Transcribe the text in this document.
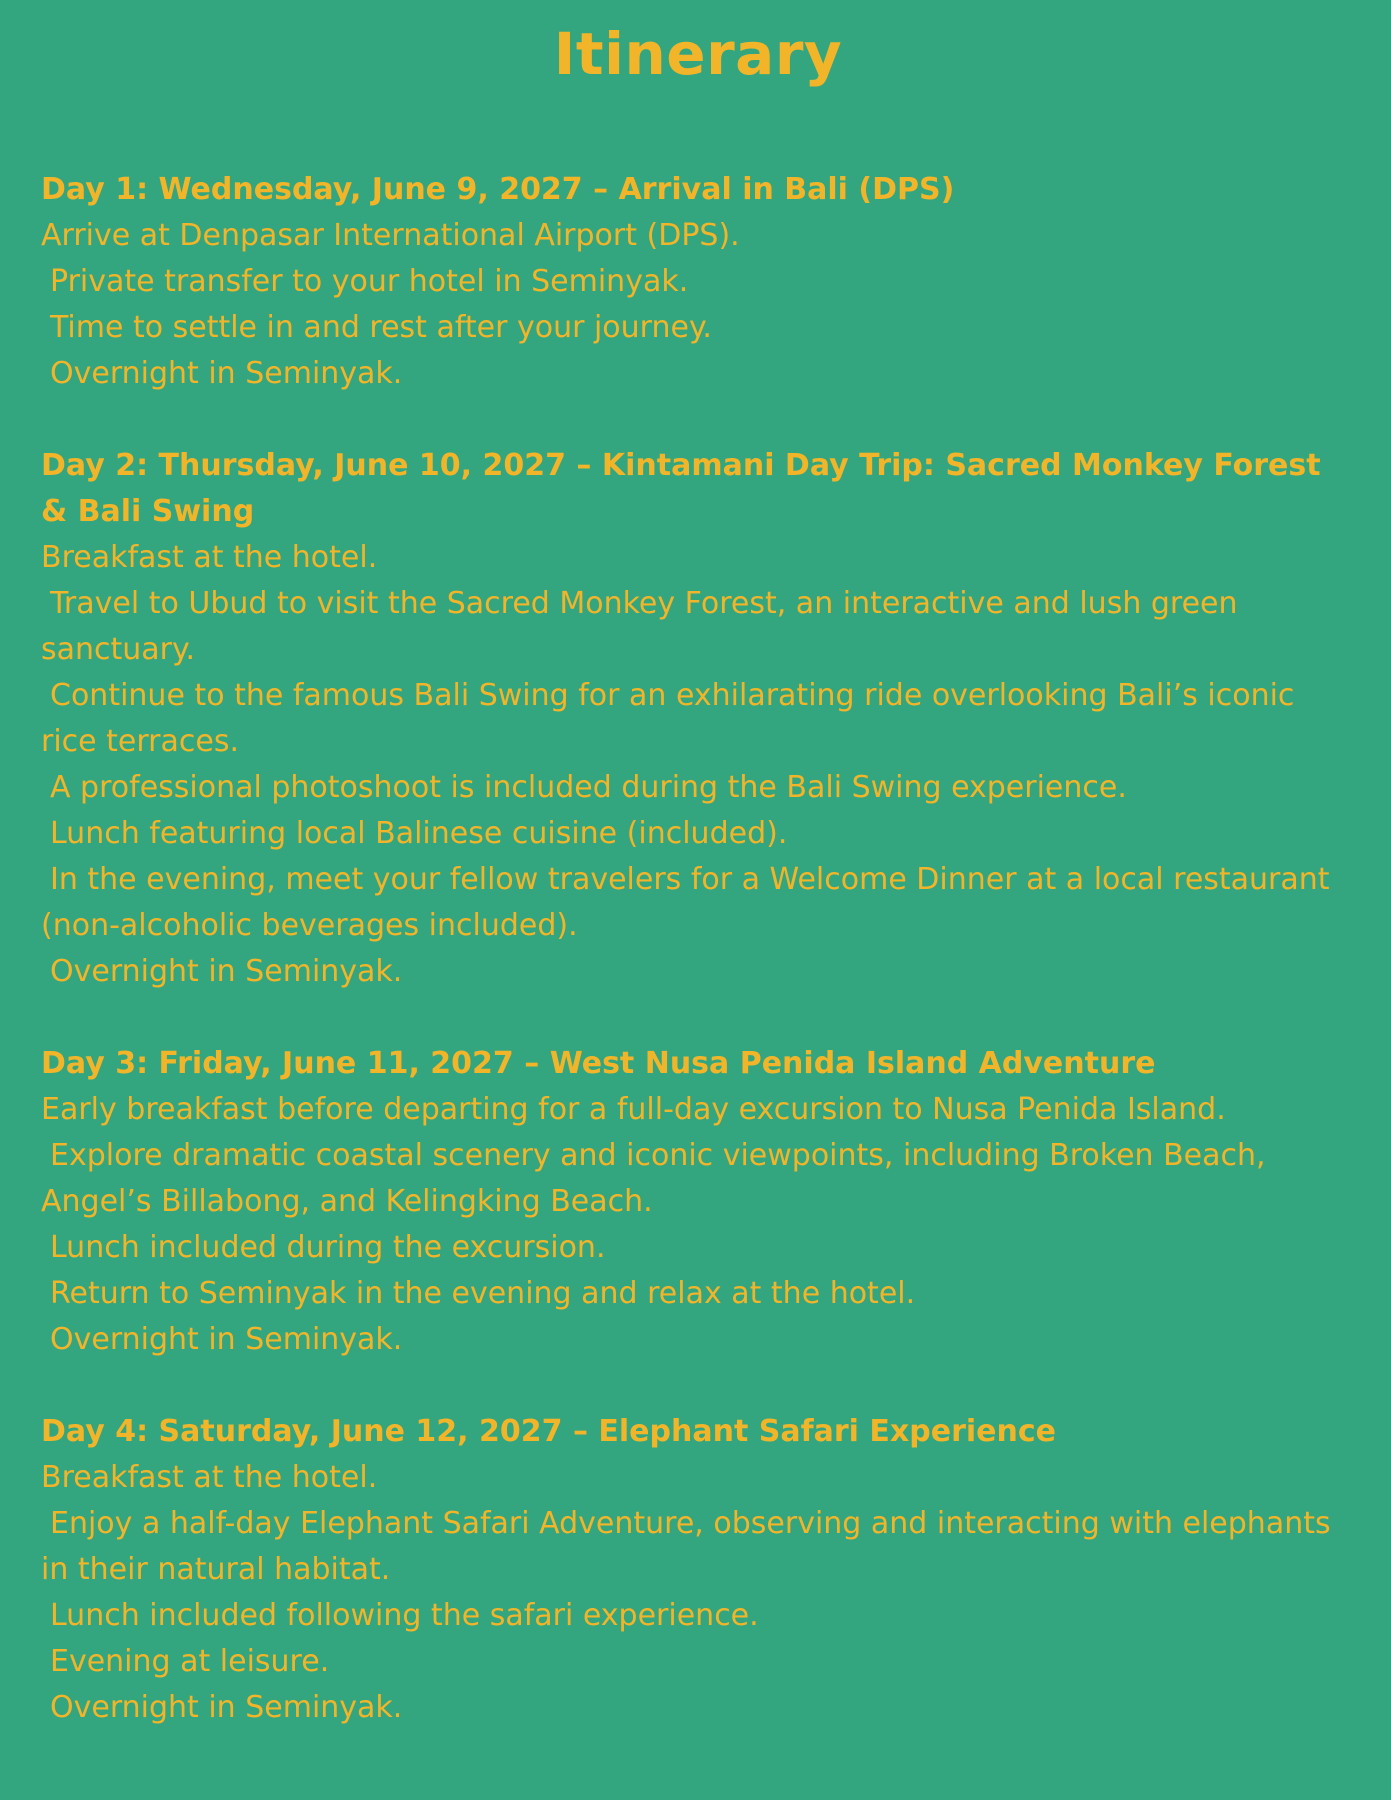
Itinerary
Day 1: Wednesday, June 9, 2027 – Arrival in Bali (DPS)
Arrive at Denpasar International Airport (DPS).
Private transfer to your hotel in Seminyak.
Time to settle in and rest after your journey.
Overnight in Seminyak.
Day 2: Thursday, June 10, 2027 – Kintamani Day Trip: Sacred Monkey Forest & Bali Swing
Breakfast at the hotel.
Travel to Ubud to visit the Sacred Monkey Forest, an interactive and lush green sanctuary.
Continue to the famous Bali Swing for an exhilarating ride overlooking Bali’s iconic rice terraces.
A professional photoshoot is included during the Bali Swing experience.
Lunch featuring local Balinese cuisine (included).
In the evening, meet your fellow travelers for a Welcome Dinner at a local restaurant (non-alcoholic beverages included).
Overnight in Seminyak.
Day 3: Friday, June 11, 2027 – West Nusa Penida Island Adventure
Early breakfast before departing for a full-day excursion to Nusa Penida Island.
Explore dramatic coastal scenery and iconic viewpoints, including Broken Beach, Angel’s Billabong, and Kelingking Beach.
Lunch included during the excursion.
Return to Seminyak in the evening and relax at the hotel.
Overnight in Seminyak.
Day 4: Saturday, June 12, 2027 – Elephant Safari Experience
Breakfast at the hotel.
Enjoy a half-day Elephant Safari Adventure, observing and interacting with elephants in their natural habitat.
Lunch included following the safari experience.
Evening at leisure.
Overnight in Seminyak.
